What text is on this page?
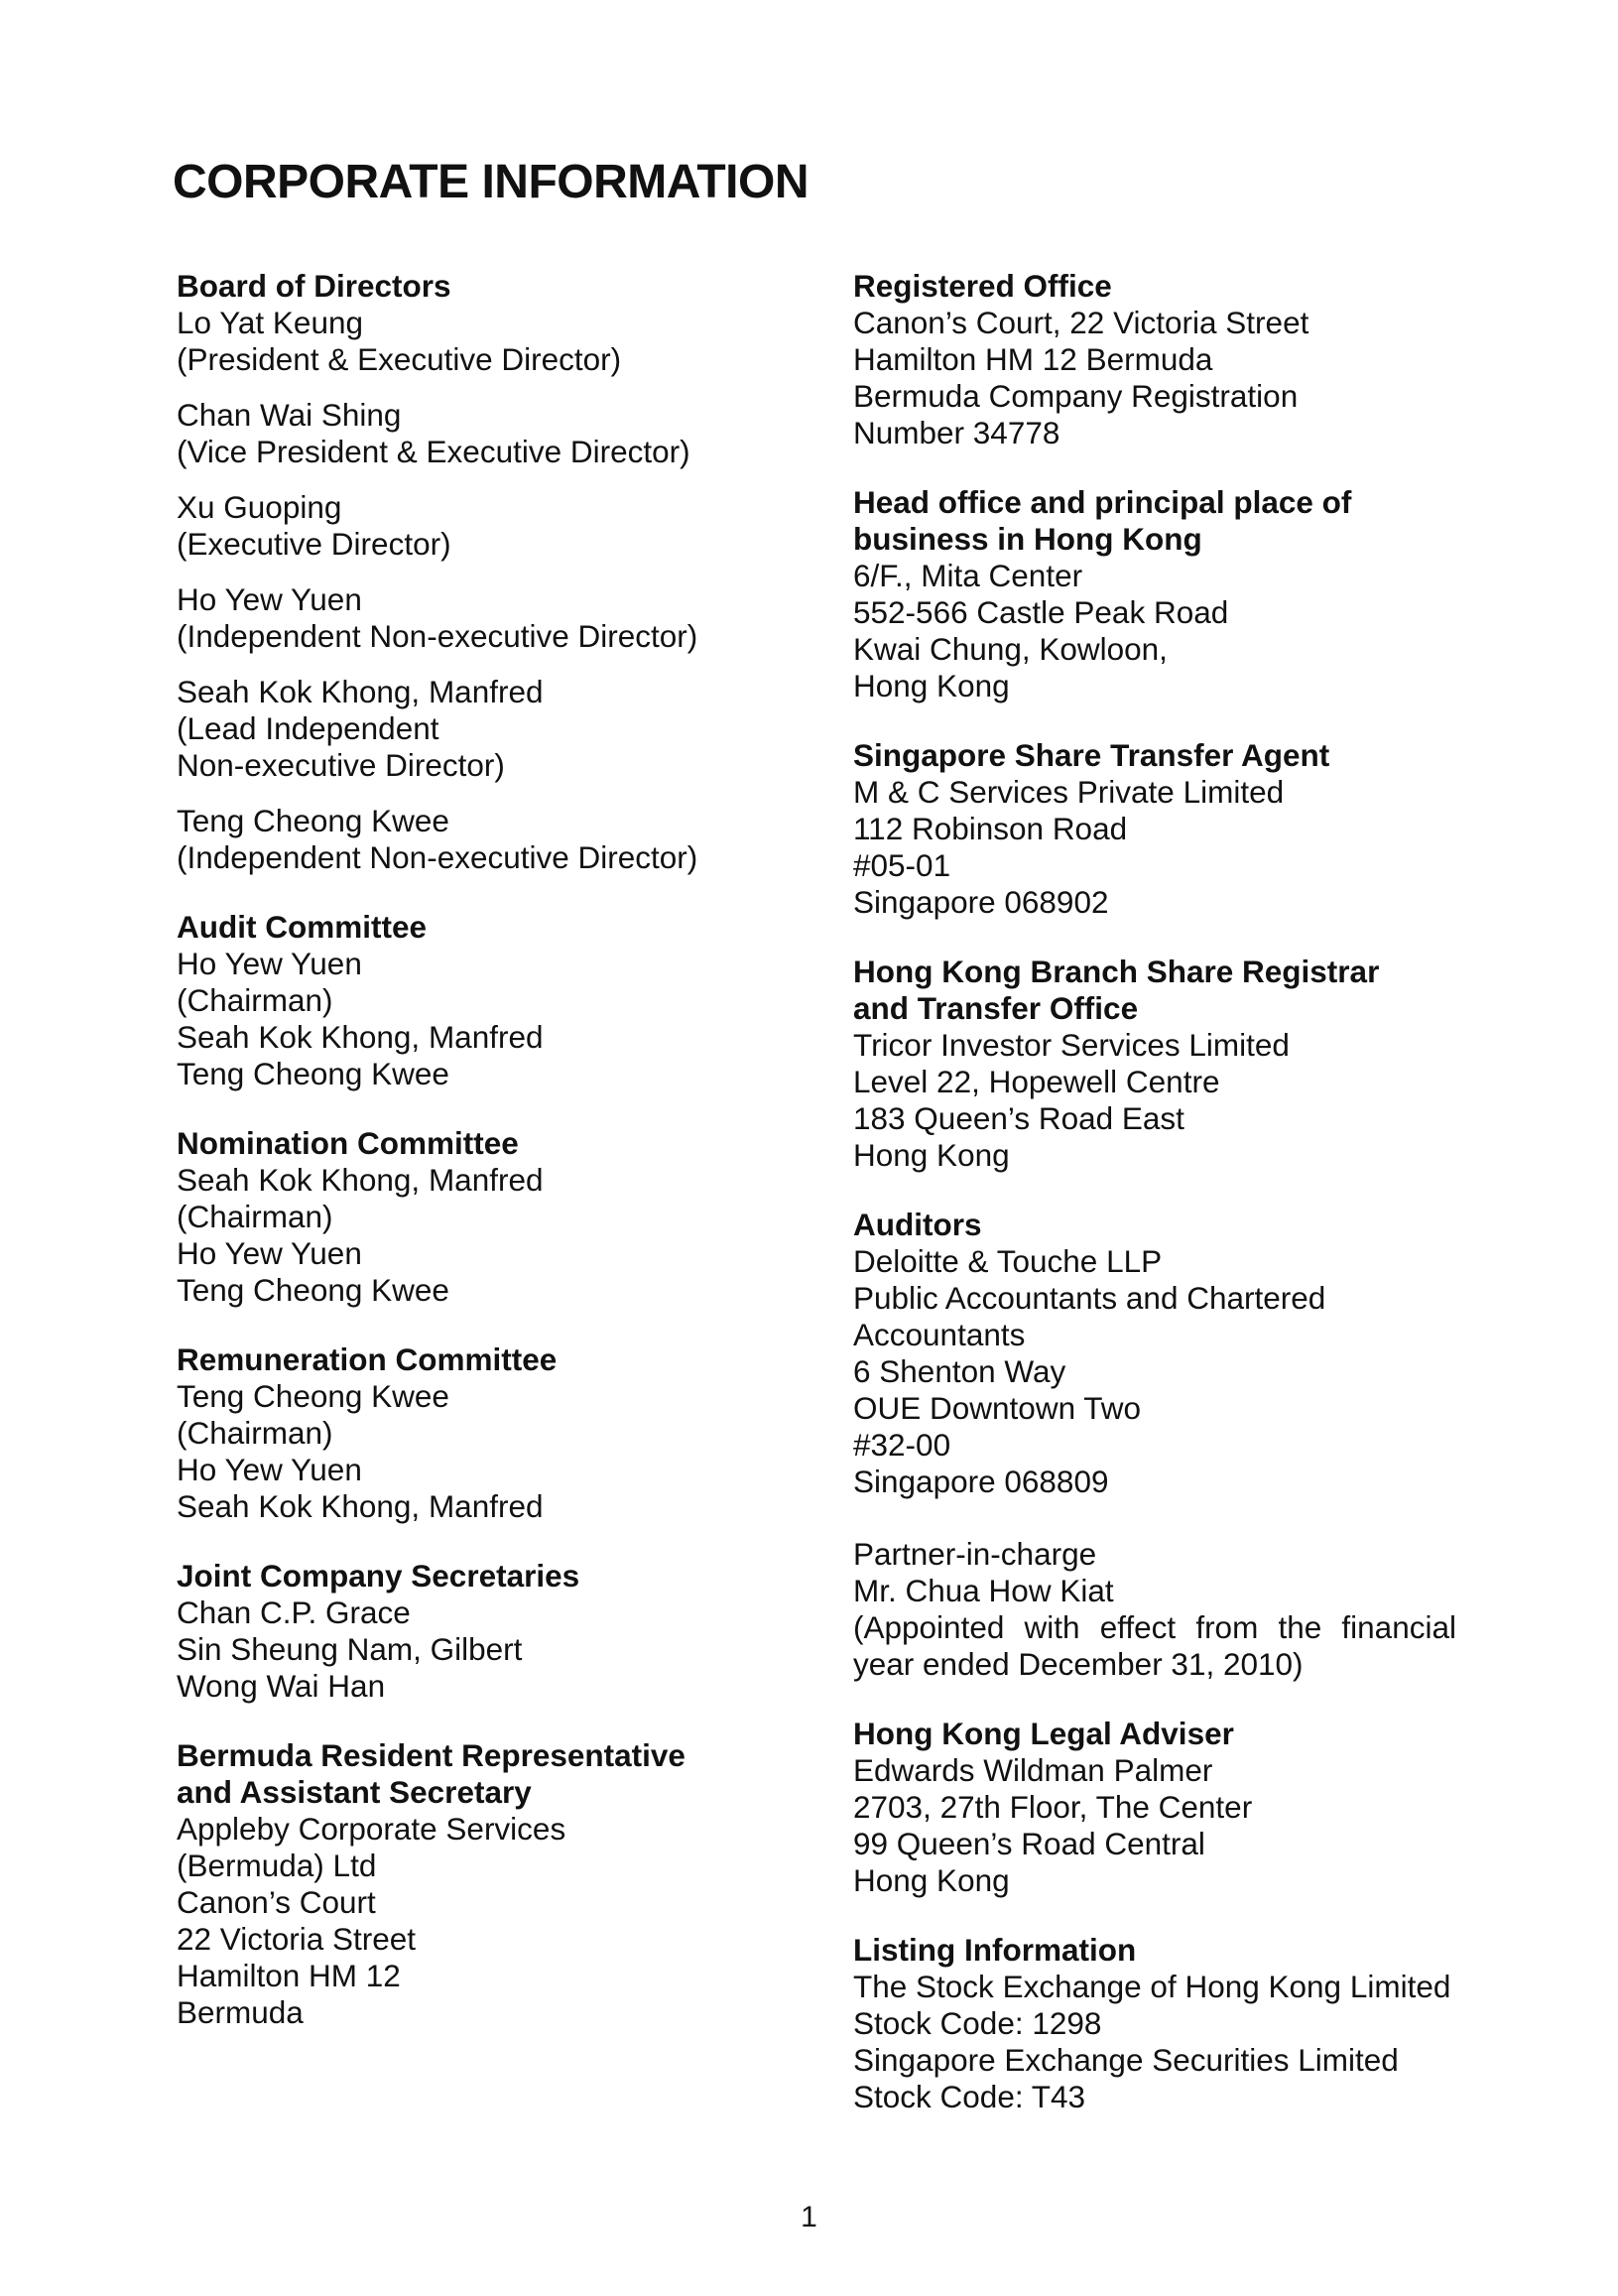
CORPORATE INFORMATION
Board of Directors
Lo Yat Keung
(President & Executive Director)
Chan Wai Shing
(Vice President & Executive Director)
Xu Guoping
(Executive Director)
Ho Yew Yuen
(Independent Non-executive Director)
Seah Kok Khong, Manfred
(Lead Independent
Non-executive Director)
Teng Cheong Kwee
(Independent Non-executive Director)
Audit Committee
Ho Yew Yuen
(Chairman)
Seah Kok Khong, Manfred
Teng Cheong Kwee
Nomination Committee
Seah Kok Khong, Manfred
(Chairman)
Ho Yew Yuen
Teng Cheong Kwee
Remuneration Committee
Teng Cheong Kwee
(Chairman)
Ho Yew Yuen
Seah Kok Khong, Manfred
Joint Company Secretaries
Chan C.P. Grace
Sin Sheung Nam, Gilbert
Wong Wai Han
Bermuda Resident Representative
and Assistant Secretary
Appleby Corporate Services
(Bermuda) Ltd
Canon’s Court
22 Victoria Street
Hamilton HM 12
Bermuda
Registered Office
Canon’s Court, 22 Victoria Street
Hamilton HM 12 Bermuda
Bermuda Company Registration
Number 34778
Head office and principal place of
business in Hong Kong
6/F., Mita Center
552-566 Castle Peak Road
Kwai Chung, Kowloon,
Hong Kong
Singapore Share Transfer Agent
M & C Services Private Limited
112 Robinson Road
#05-01
Singapore 068902
Hong Kong Branch Share Registrar
and Transfer Office
Tricor Investor Services Limited
Level 22, Hopewell Centre
183 Queen’s Road East
Hong Kong
Auditors
Deloitte & Touche LLP
Public Accountants and Chartered
Accountants
6 Shenton Way
OUE Downtown Two
#32-00
Singapore 068809
Partner-in-charge
Mr. Chua How Kiat
(Appointed with effect from the financial
year ended December 31, 2010)
Hong Kong Legal Adviser
Edwards Wildman Palmer
2703, 27th Floor, The Center
99 Queen’s Road Central
Hong Kong
Listing Information
The Stock Exchange of Hong Kong Limited
Stock Code: 1298
Singapore Exchange Securities Limited
Stock Code: T43
1
